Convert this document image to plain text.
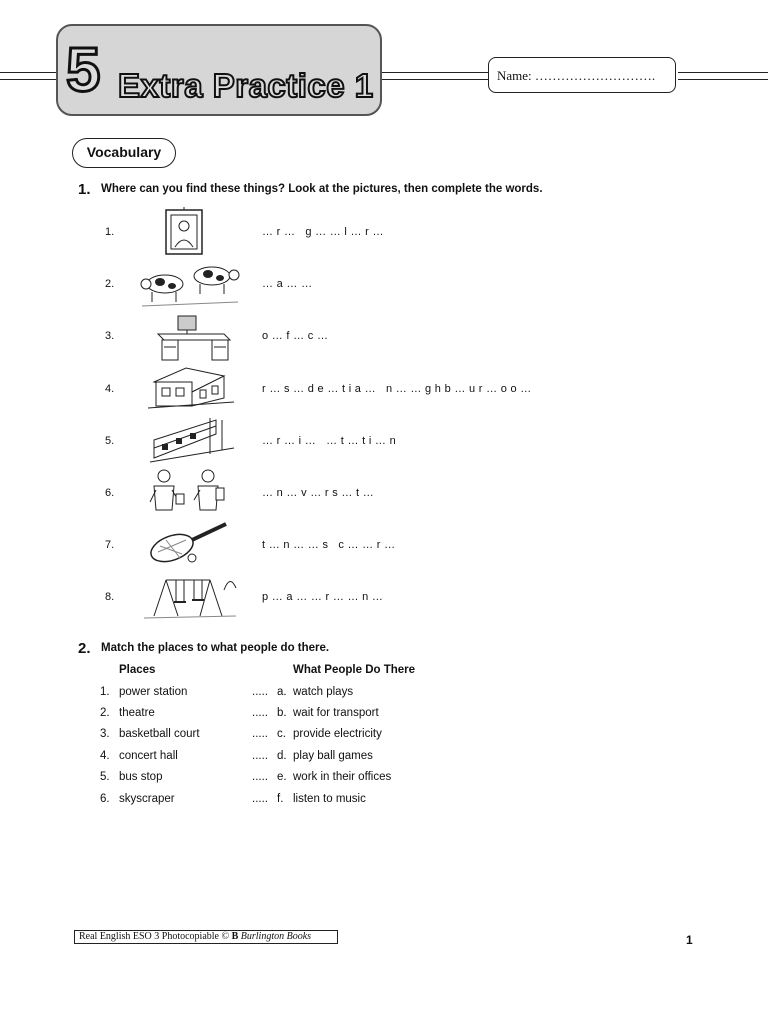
5 Extra Practice 1	Name: ……………………….
Vocabulary
1. Where can you find these things? Look at the pictures, then complete the words.
1.	… r …   g … … l … r …
2.	… a … …
3.	o … f … c …
4.	r … s … d e … t i a …   n … … g h b … u r … o o …
5.	… r … i …   … t … t i … n
6.	… n … v … r s … t …
7.	t … n … … s   c … … r …
8.	p … a … … r … … n …
2. Match the places to what people do there.
Places	What People Do There
1. power station	..... a. watch plays
2. theatre	..... b. wait for transport
3. basketball court	..... c. provide electricity
4. concert hall	..... d. play ball games
5. bus stop	..... e. work in their offices
6. skyscraper	..... f. listen to music
Real English ESO 3 Photocopiable © B Burlington Books	1
